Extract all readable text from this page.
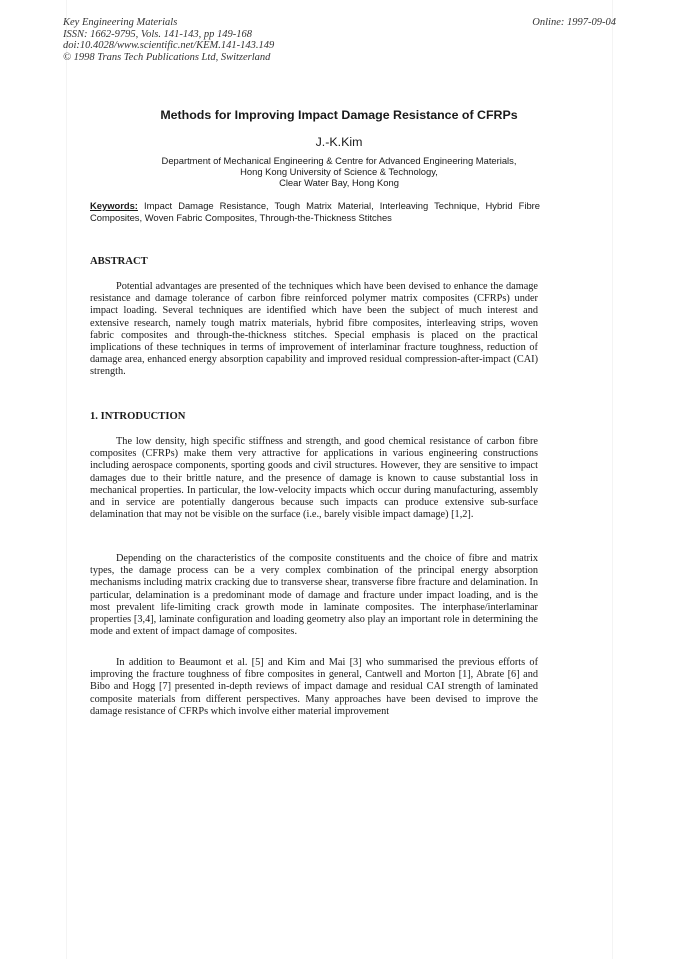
Key Engineering Materials
ISSN: 1662-9795, Vols. 141-143, pp 149-168
doi:10.4028/www.scientific.net/KEM.141-143.149
© 1998 Trans Tech Publications Ltd, Switzerland
Online: 1997-09-04
Methods for Improving Impact Damage Resistance of CFRPs
J.-K.Kim
Department of Mechanical Engineering & Centre for Advanced Engineering Materials,
Hong Kong University of Science & Technology,
Clear Water Bay, Hong Kong
Keywords: Impact Damage Resistance, Tough Matrix Material, Interleaving Technique, Hybrid Fibre Composites, Woven Fabric Composites, Through-the-Thickness Stitches
ABSTRACT

Potential advantages are presented of the techniques which have been devised to enhance the damage resistance and damage tolerance of carbon fibre reinforced polymer matrix composites (CFRPs) under impact loading. Several techniques are identified which have been the subject of much interest and extensive research, namely tough matrix materials, hybrid fibre composites, interleaving strips, woven fabric composites and through-the-thickness stitches. Special emphasis is placed on the practical implications of these techniques in terms of improvement of interlaminar fracture toughness, reduction of damage area, enhanced energy absorption capability and improved residual compression-after-impact (CAI) strength.

1. INTRODUCTION

The low density, high specific stiffness and strength, and good chemical resistance of carbon fibre composites (CFRPs) make them very attractive for applications in various engineering constructions including aerospace components, sporting goods and civil structures. However, they are sensitive to impact damages due to their brittle nature, and the presence of damage is known to cause substantial loss in mechanical properties. In particular, the low-velocity impacts which occur during manufacturing, assembly and in service are potentially dangerous because such impacts can produce extensive sub-surface delamination that may not be visible on the surface (i.e., barely visible impact damage) [1,2].

Depending on the characteristics of the composite constituents and the choice of fibre and matrix types, the damage process can be a very complex combination of the principal energy absorption mechanisms including matrix cracking due to transverse shear, transverse fibre fracture and delamination. In particular, delamination is a predominant mode of damage and fracture under impact loading, and is the most prevalent life-limiting crack growth mode in laminate composites. The interphase/interlaminar properties [3,4], laminate configuration and loading geometry also play an important role in determining the mode and extent of impact damage of composites.

In addition to Beaumont et al. [5] and Kim and Mai [3] who summarised the previous efforts of improving the fracture toughness of fibre composites in general, Cantwell and Morton [1], Abrate [6] and Bibo and Hogg [7] presented in-depth reviews of impact damage and residual CAI strength of laminated composite materials from different perspectives. Many approaches have been devised to improve the damage resistance of CFRPs which involve either material improvement
